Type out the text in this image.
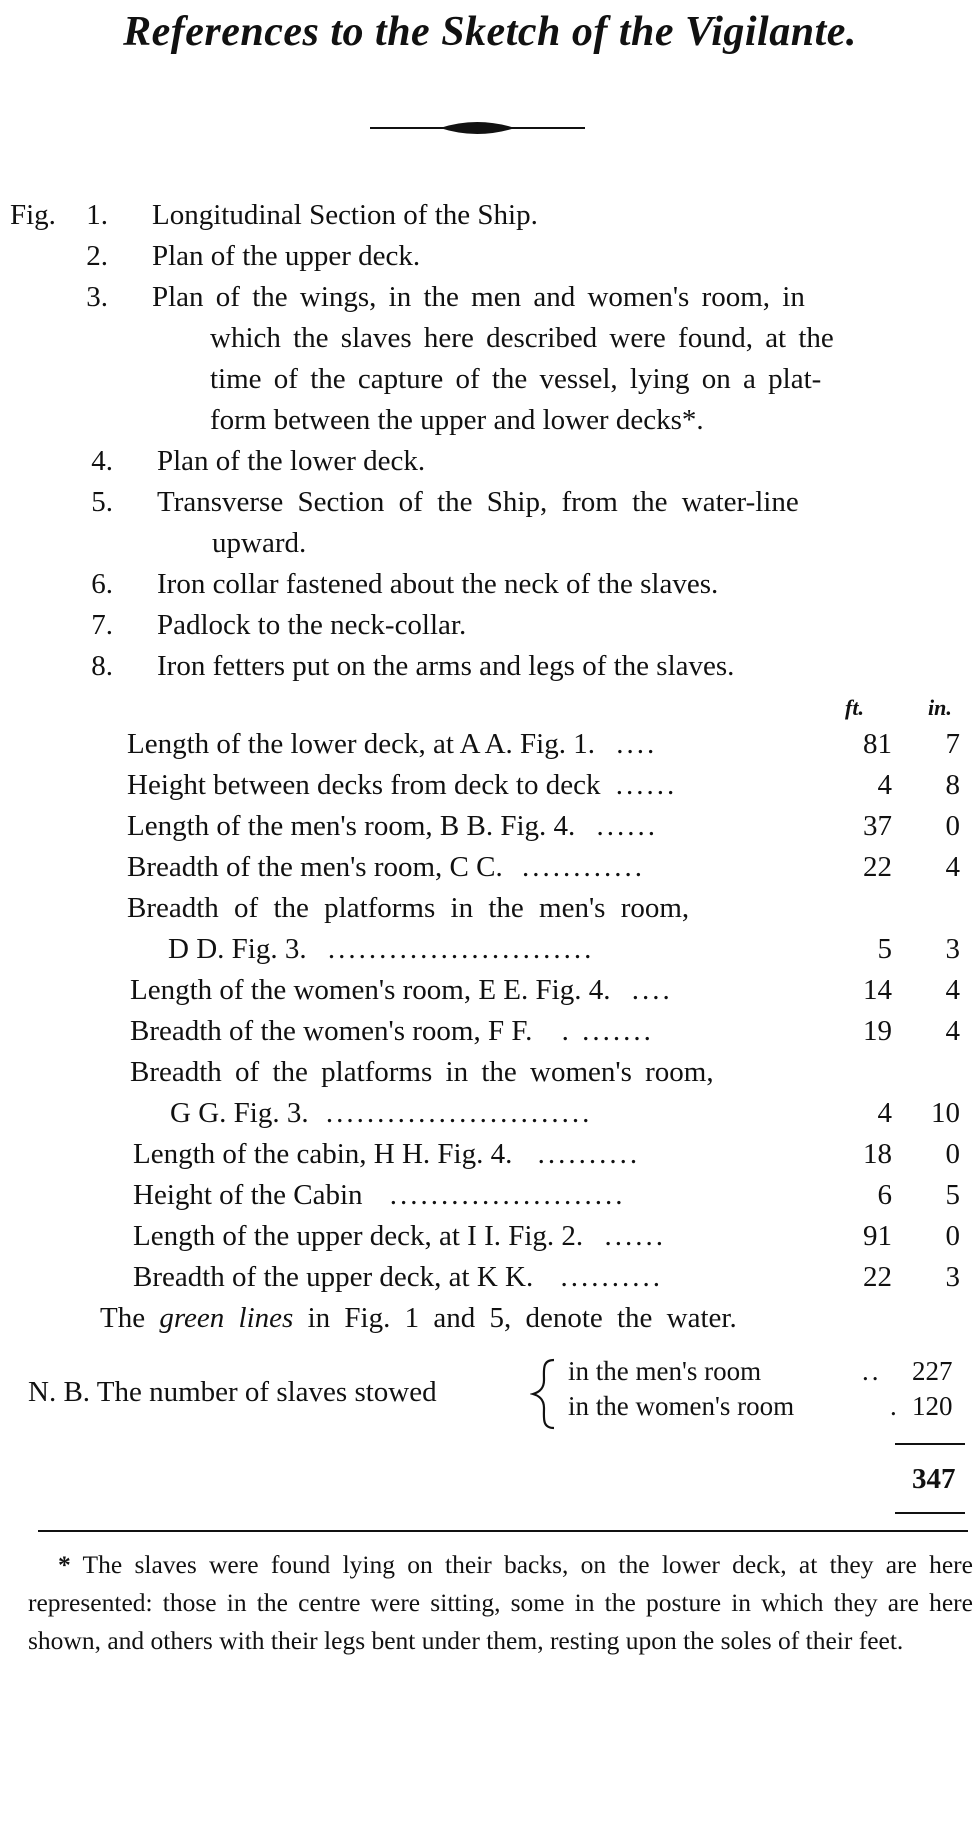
References to the Sketch of the Vigilante.
Fig.	1. Longitudinal Section of the Ship.
2. Plan of the upper deck.
3. Plan of the wings, in the men and women's room, in
which the slaves here described were found, at the
time of the capture of the vessel, lying on a plat-
form between the upper and lower decks*.
4. Plan of the lower deck.
5. Transverse Section of the Ship, from the water-line
upward.
6. Iron collar fastened about the neck of the slaves.
7. Padlock to the neck-collar.
8. Iron fetters put on the arms and legs of the slaves.
ft.	in.
Length of the lower deck, at A A. Fig. 1. ....	81	7
Height between decks from deck to deck ......	4	8
Length of the men's room, B B. Fig. 4. ......	37	0
Breadth of the men's room, C C. ............	22	4
Breadth of the platforms in the men's room,
D D. Fig. 3. ..........................	5	3
Length of the women's room, E E. Fig. 4. ....	14	4
Breadth of the women's room, F F. . .......	19	4
Breadth of the platforms in the women's room,
G G. Fig. 3. ..........................	4	10
Length of the cabin, H H. Fig. 4. ..........	18	0
Height of the Cabin .......................	6	5
Length of the upper deck, at I I. Fig. 2. ......	91	0
Breadth of the upper deck, at K K. ..........	22	3
The green lines in Fig. 1 and 5, denote the water.
N. B. The number of slaves stowed
in the men's room	.. 227
in the women's room	. 120
347
* The slaves were found lying on their backs, on the lower deck, at they are here represented: those in the centre were sitting, some in the posture in which they are here shown, and others with their legs bent under them, resting upon the soles of their feet.
